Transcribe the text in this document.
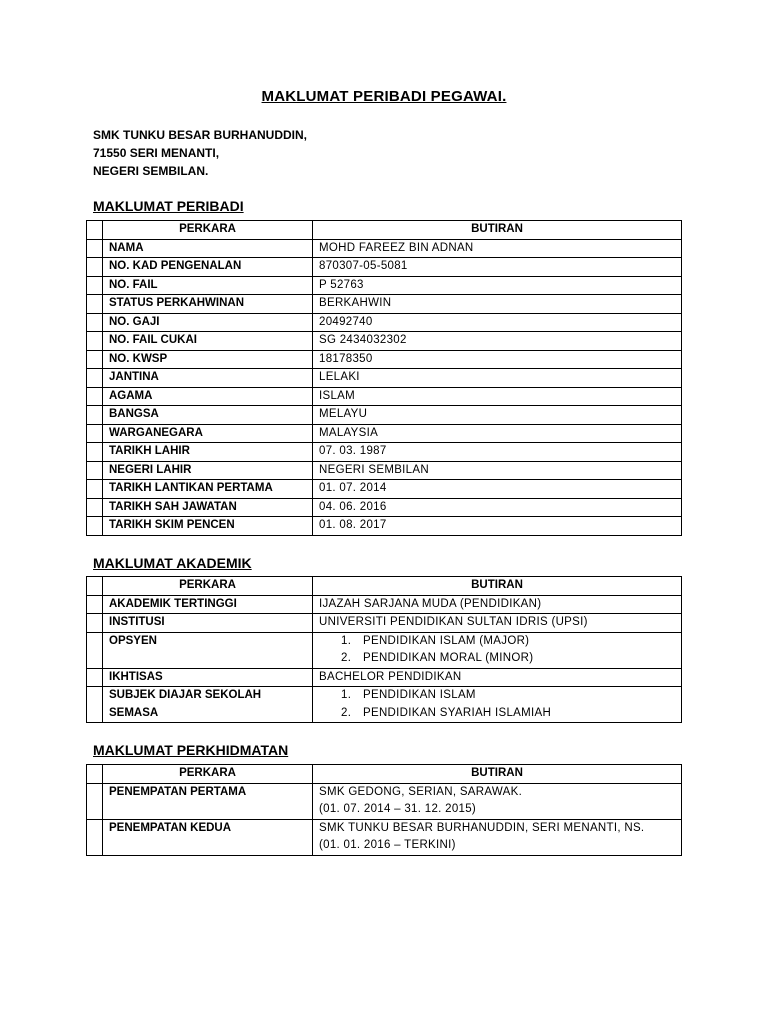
MAKLUMAT PERIBADI PEGAWAI.
SMK TUNKU BESAR BURHANUDDIN,
71550 SERI MENANTI,
NEGERI SEMBILAN.
MAKLUMAT PERIBADI
	PERKARA	BUTIRAN
	NAMA	MOHD FAREEZ BIN ADNAN
	NO. KAD PENGENALAN	870307-05-5081
	NO. FAIL	P 52763
	STATUS PERKAHWINAN	BERKAHWIN
	NO. GAJI	20492740
	NO. FAIL CUKAI	SG 2434032302
	NO. KWSP	18178350
	JANTINA	LELAKI
	AGAMA	ISLAM
	BANGSA	MELAYU
	WARGANEGARA	MALAYSIA
	TARIKH LAHIR	07. 03. 1987
	NEGERI LAHIR	NEGERI SEMBILAN
	TARIKH LANTIKAN PERTAMA	01. 07. 2014
	TARIKH SAH JAWATAN	04. 06. 2016
	TARIKH SKIM PENCEN	01. 08. 2017
MAKLUMAT AKADEMIK
	PERKARA	BUTIRAN
	AKADEMIK TERTINGGI	IJAZAH SARJANA MUDA (PENDIDIKAN)
	INSTITUSI	UNIVERSITI PENDIDIKAN SULTAN IDRIS (UPSI)
	OPSYEN	1. PENDIDIKAN ISLAM (MAJOR)
2. PENDIDIKAN MORAL (MINOR)

	IKHTISAS	BACHELOR PENDIDIKAN

	SUBJEK DIAJAR SEKOLAH
SEMASA	1. PENDIDIKAN ISLAM
2. PENDIDIKAN SYARIAH ISLAMIAH
MAKLUMAT PERKHIDMATAN
	PERKARA	BUTIRAN
	PENEMPATAN PERTAMA	SMK GEDONG, SERIAN, SARAWAK.
(01. 07. 2014 – 31. 12. 2015)

	PENEMPATAN KEDUA	SMK TUNKU BESAR BURHANUDDIN, SERI MENANTI, NS.
(01. 01. 2016 – TERKINI)
